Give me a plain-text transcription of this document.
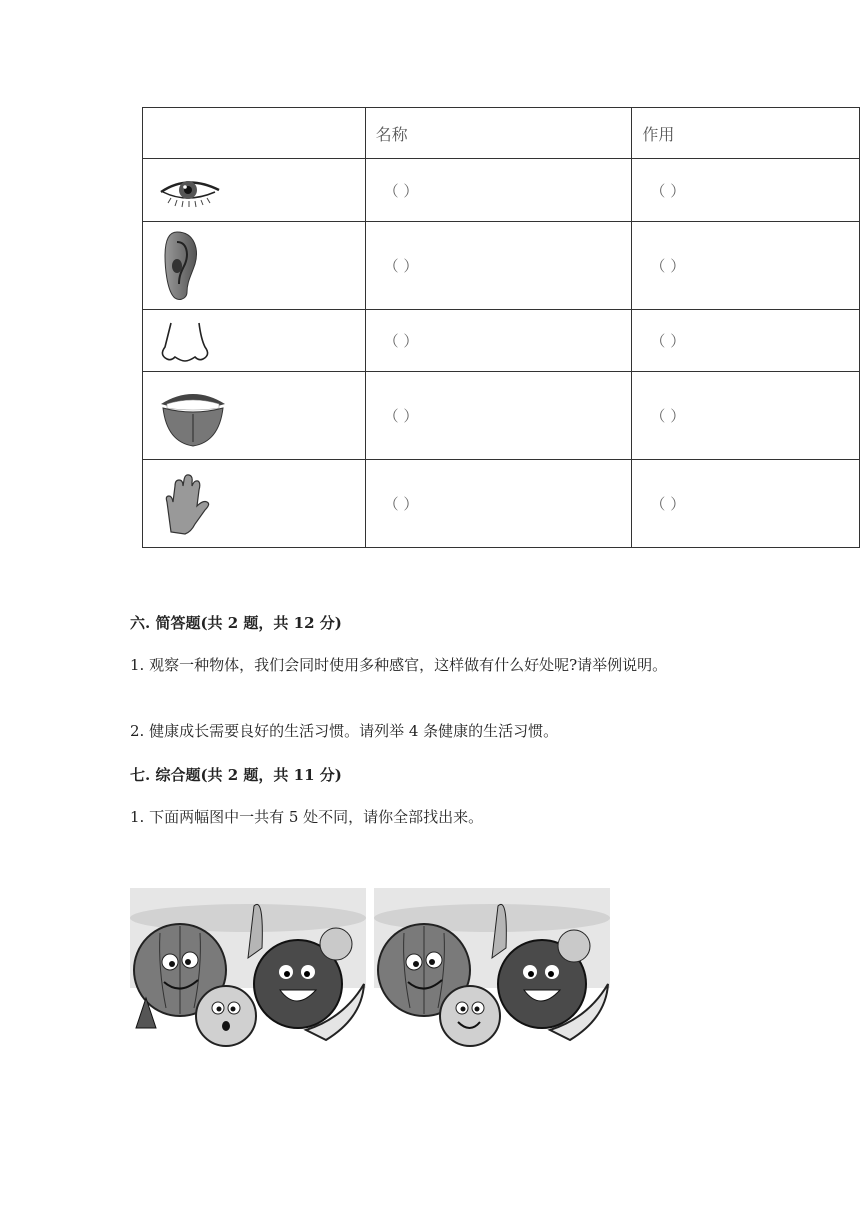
	名称	作用

（ ）	（ ）

（ ）	（ ）

（ ）	（ ）

（ ）	（ ）

（ ）	（ ）
六. 简答题(共 2 题，共 12 分)
1. 观察一种物体，我们会同时使用多种感官，这样做有什么好处呢?请举例说明。
2. 健康成长需要良好的生活习惯。请列举 4 条健康的生活习惯。
七. 综合题(共 2 题，共 11 分)
1. 下面两幅图中一共有 5 处不同，请你全部找出来。
